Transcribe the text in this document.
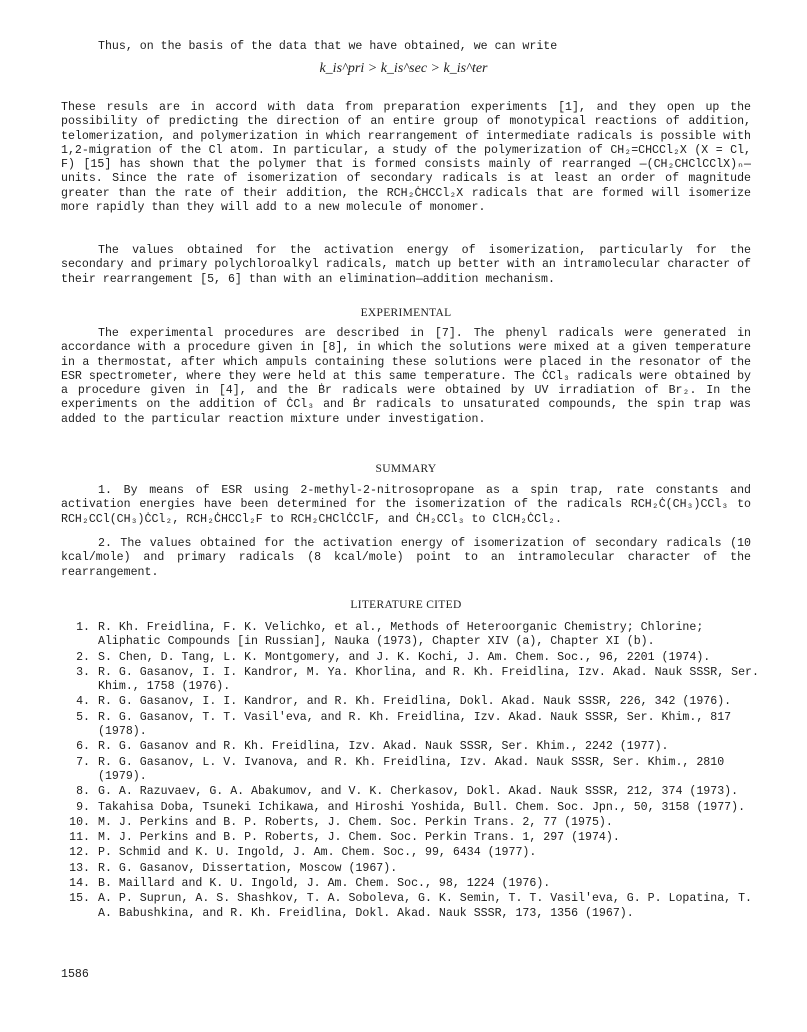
Thus, on the basis of the data that we have obtained, we can write

k_is^pri > k_is^sec > k_is^ter

These resuls are in accord with data from preparation experiments [1], and they open up the possibility of predicting the direction of an entire group of monotypical reactions of addition, telomerization, and polymerization in which rearrangement of intermediate radicals is possible with 1,2-migration of the Cl atom. In particular, a study of the polymerization of CH₂=CHCCl₂X (X = Cl, F) [15] has shown that the polymer that is formed consists mainly of rearranged —(CH₂CHClCClX)ₙ— units. Since the rate of isomerization of secondary radicals is at least an order of magnitude greater than the rate of their addition, the RCH₂ĊHCCl₂X radicals that are formed will isomerize more rapidly than they will add to a new molecule of monomer.

The values obtained for the activation energy of isomerization, particularly for the secondary and primary polychloroalkyl radicals, match up better with an intramolecular character of their rearrangement [5, 6] than with an elimination—addition mechanism.

EXPERIMENTAL

The experimental procedures are described in [7]. The phenyl radicals were generated in accordance with a procedure given in [8], in which the solutions were mixed at a given temperature in a thermostat, after which ampuls containing these solutions were placed in the resonator of the ESR spectrometer, where they were held at this same temperature. The ĊCl₃ radicals were obtained by a procedure given in [4], and the Ḃr radicals were obtained by UV irradiation of Br₂. In the experiments on the addition of ĊCl₃ and Ḃr radicals to unsaturated compounds, the spin trap was added to the particular reaction mixture under investigation.

SUMMARY

1. By means of ESR using 2-methyl-2-nitrosopropane as a spin trap, rate constants and activation energies have been determined for the isomerization of the radicals RCH₂Ċ(CH₃)CCl₃ to RCH₂CCl(CH₃)ĊCl₂, RCH₂ĊHCCl₂F to RCH₂CHClĊClF, and ĊH₂CCl₃ to ClCH₂ĊCl₂.

2. The values obtained for the activation energy of isomerization of secondary radicals (10 kcal/mole) and primary radicals (8 kcal/mole) point to an intramolecular character of the rearrangement.

LITERATURE CITED
1. R. Kh. Freidlina, F. K. Velichko, et al., Methods of Heteroorganic Chemistry; Chlorine; Aliphatic Compounds [in Russian], Nauka (1973), Chapter XIV (a), Chapter XI (b).
2. S. Chen, D. Tang, L. K. Montgomery, and J. K. Kochi, J. Am. Chem. Soc., 96, 2201 (1974).
3. R. G. Gasanov, I. I. Kandror, M. Ya. Khorlina, and R. Kh. Freidlina, Izv. Akad. Nauk SSSR, Ser. Khim., 1758 (1976).
4. R. G. Gasanov, I. I. Kandror, and R. Kh. Freidlina, Dokl. Akad. Nauk SSSR, 226, 342 (1976).
5. R. G. Gasanov, T. T. Vasil'eva, and R. Kh. Freidlina, Izv. Akad. Nauk SSSR, Ser. Khim., 817 (1978).
6. R. G. Gasanov and R. Kh. Freidlina, Izv. Akad. Nauk SSSR, Ser. Khim., 2242 (1977).
7. R. G. Gasanov, L. V. Ivanova, and R. Kh. Freidlina, Izv. Akad. Nauk SSSR, Ser. Khim., 2810 (1979).
8. G. A. Razuvaev, G. A. Abakumov, and V. K. Cherkasov, Dokl. Akad. Nauk SSSR, 212, 374 (1973).
9. Takahisa Doba, Tsuneki Ichikawa, and Hiroshi Yoshida, Bull. Chem. Soc. Jpn., 50, 3158 (1977).
10. M. J. Perkins and B. P. Roberts, J. Chem. Soc. Perkin Trans. 2, 77 (1975).
11. M. J. Perkins and B. P. Roberts, J. Chem. Soc. Perkin Trans. 1, 297 (1974).
12. P. Schmid and K. U. Ingold, J. Am. Chem. Soc., 99, 6434 (1977).
13. R. G. Gasanov, Dissertation, Moscow (1967).
14. B. Maillard and K. U. Ingold, J. Am. Chem. Soc., 98, 1224 (1976).
15. A. P. Suprun, A. S. Shashkov, T. A. Soboleva, G. K. Semin, T. T. Vasil'eva, G. P. Lopatina, T. A. Babushkina, and R. Kh. Freidlina, Dokl. Akad. Nauk SSSR, 173, 1356 (1967).
1586
